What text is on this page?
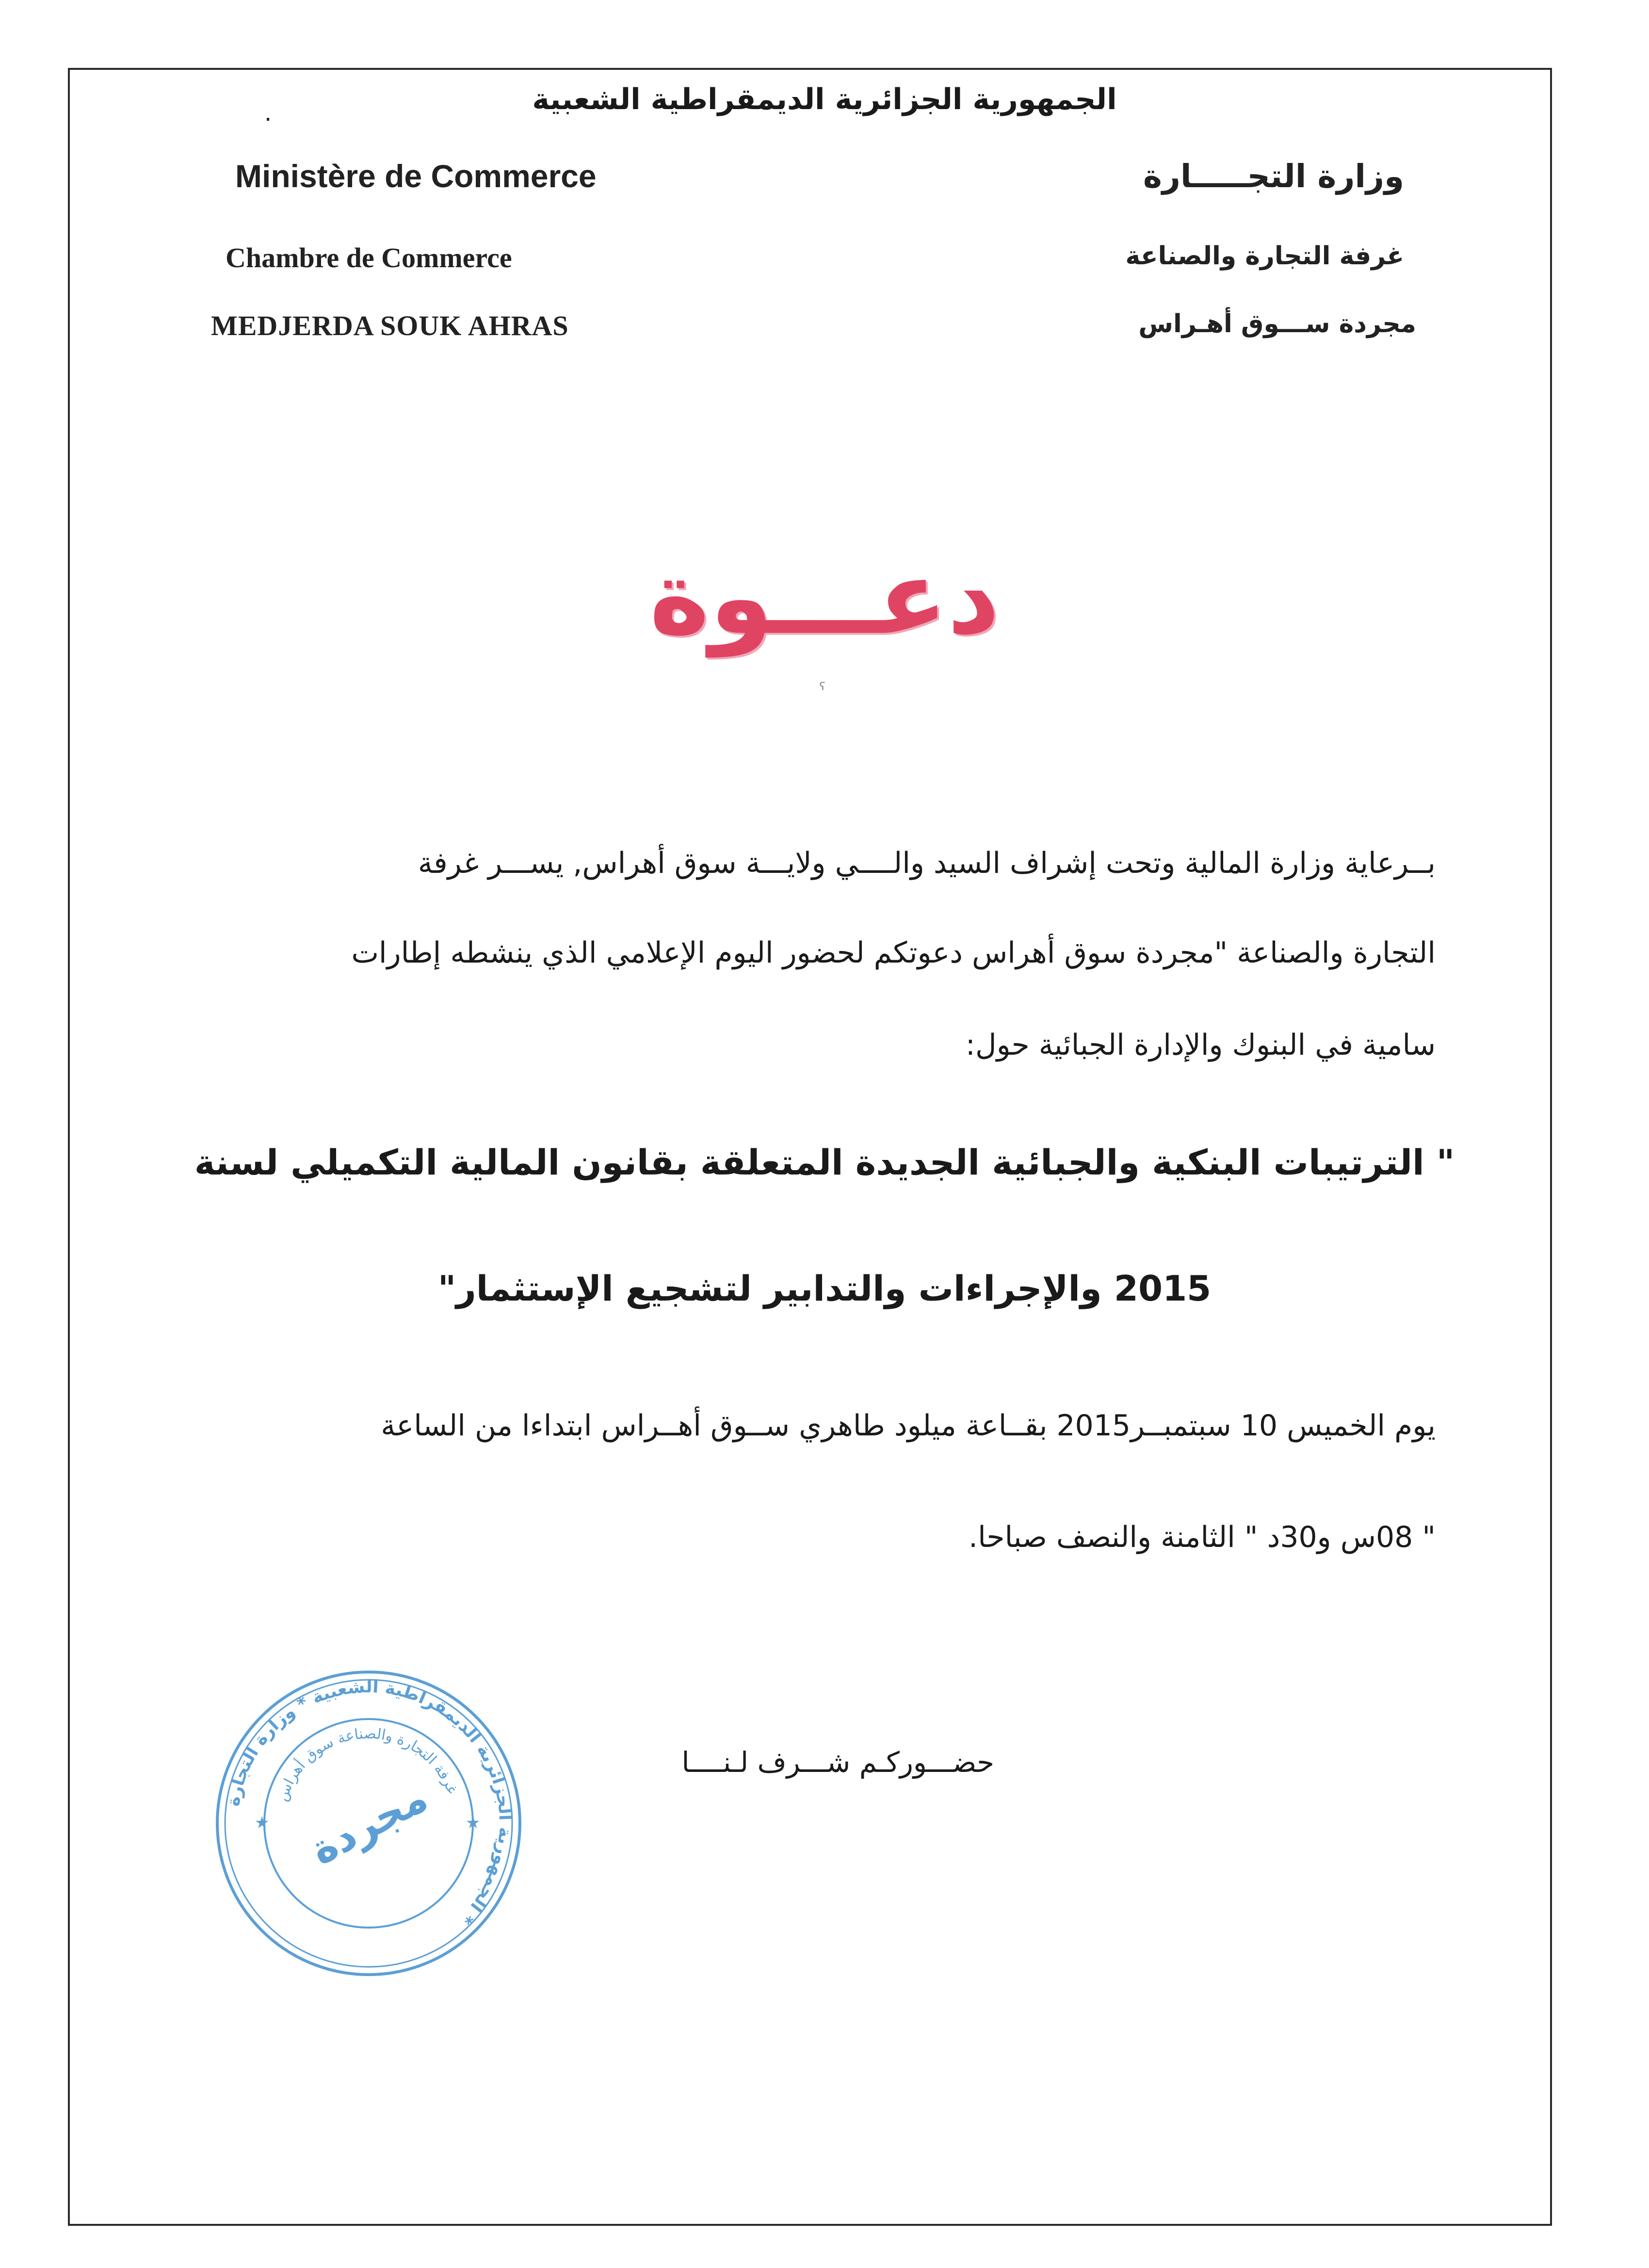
الجمهورية الجزائرية الديمقراطية الشعبية
.
Ministère de Commerce
Chambre de Commerce
MEDJERDA SOUK AHRAS
وزارة التجـــــارة
غرفة التجارة والصناعة
مجردة ســـوق أهـراس
دعـــوة
ˁ
بــرعاية وزارة المالية وتحت إشراف السيد والــــي ولايـــة سوق أهراس, يســـر غرفة
التجارة والصناعة "مجردة سوق أهراس دعوتكم لحضور اليوم الإعلامي الذي ينشطه إطارات
سامية في البنوك والإدارة الجبائية حول:
" الترتيبات البنكية والجبائية الجديدة المتعلقة بقانون المالية التكميلي لسنة
2015 والإجراءات والتدابير لتشجيع الإستثمار"
يوم الخميس 10 سبتمبــر2015 بقــاعة ميلود طاهري ســوق أهــراس ابتداءا من الساعة
" 08س و30د " الثامنة والنصف صباحا.
حضـــوركـم شـــرف لـنــــا
الجمهورية الجزائرية الديمقراطية الشعبية * وزارة التجارة *
غرفة التجارة والصناعة سوق أهراس
مجردة ★
★
